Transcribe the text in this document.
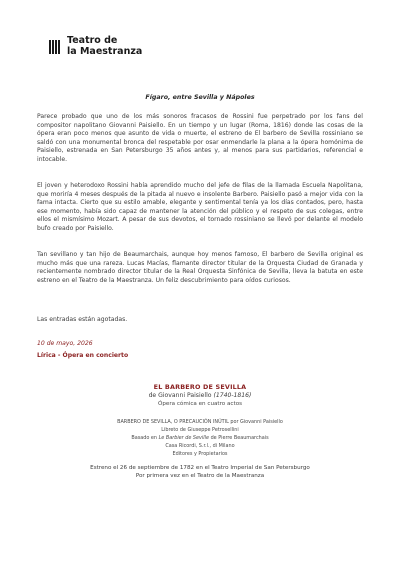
Teatro de
la Maestranza
Fígaro, entre Sevilla y Nápoles

Parece probado que uno de los más sonoros fracasos de Rossini fue perpetrado por los fans del compositor napolitano Giovanni Paisiello. En un tiempo y un lugar (Roma, 1816) donde las cosas de la ópera eran poco menos que asunto de vida o muerte, el estreno de El barbero de Sevilla rossiniano se saldó con una monumental bronca del respetable por osar enmendarle la plana a la ópera homónima de Paisiello, estrenada en San Petersburgo 35 años antes y, al menos para sus partidarios, referencial e intocable.

El joven y heterodoxo Rossini había aprendido mucho del jefe de filas de la llamada Escuela Napolitana, que moriría 4 meses después de la pitada al nuevo e insolente Barbero. Paisiello pasó a mejor vida con la fama intacta. Cierto que su estilo amable, elegante y sentimental tenía ya los días contados, pero, hasta ese momento, había sido capaz de mantener la atención del público y el respeto de sus colegas, entre ellos el mismísimo Mozart. A pesar de sus devotos, el tornado rossiniano se llevó por delante el modelo bufo creado por Paisiello.

Tan sevillano y tan hijo de Beaumarchais, aunque hoy menos famoso, El barbero de Sevilla original es mucho más que una rareza. Lucas Macías, flamante director titular de la Orquesta Ciudad de Granada y recientemente nombrado director titular de la Real Orquesta Sinfónica de Sevilla, lleva la batuta en este estreno en el Teatro de la Maestranza. Un feliz descubrimiento para oídos curiosos.

Las entradas están agotadas.

10 de mayo, 2026
Lírica - Ópera en concierto
EL BARBERO DE SEVILLA
de Giovanni Paisiello (1740-1816)
Ópera cómica en cuatro actos
BARBERO DE SEVILLA, O PRECAUCIÓN INÚTIL por Giovanni Paisiello
Libreto de Giuseppe Petrosellini
Basado en Le Barbier de Seville de Pierre Beaumarchais
Casa Ricordi, S.r.l., di Milano
Editores y Propietarios
Estreno el 26 de septiembre de 1782 en el Teatro Imperial de San Petersburgo
Por primera vez en el Teatro de la Maestranza
